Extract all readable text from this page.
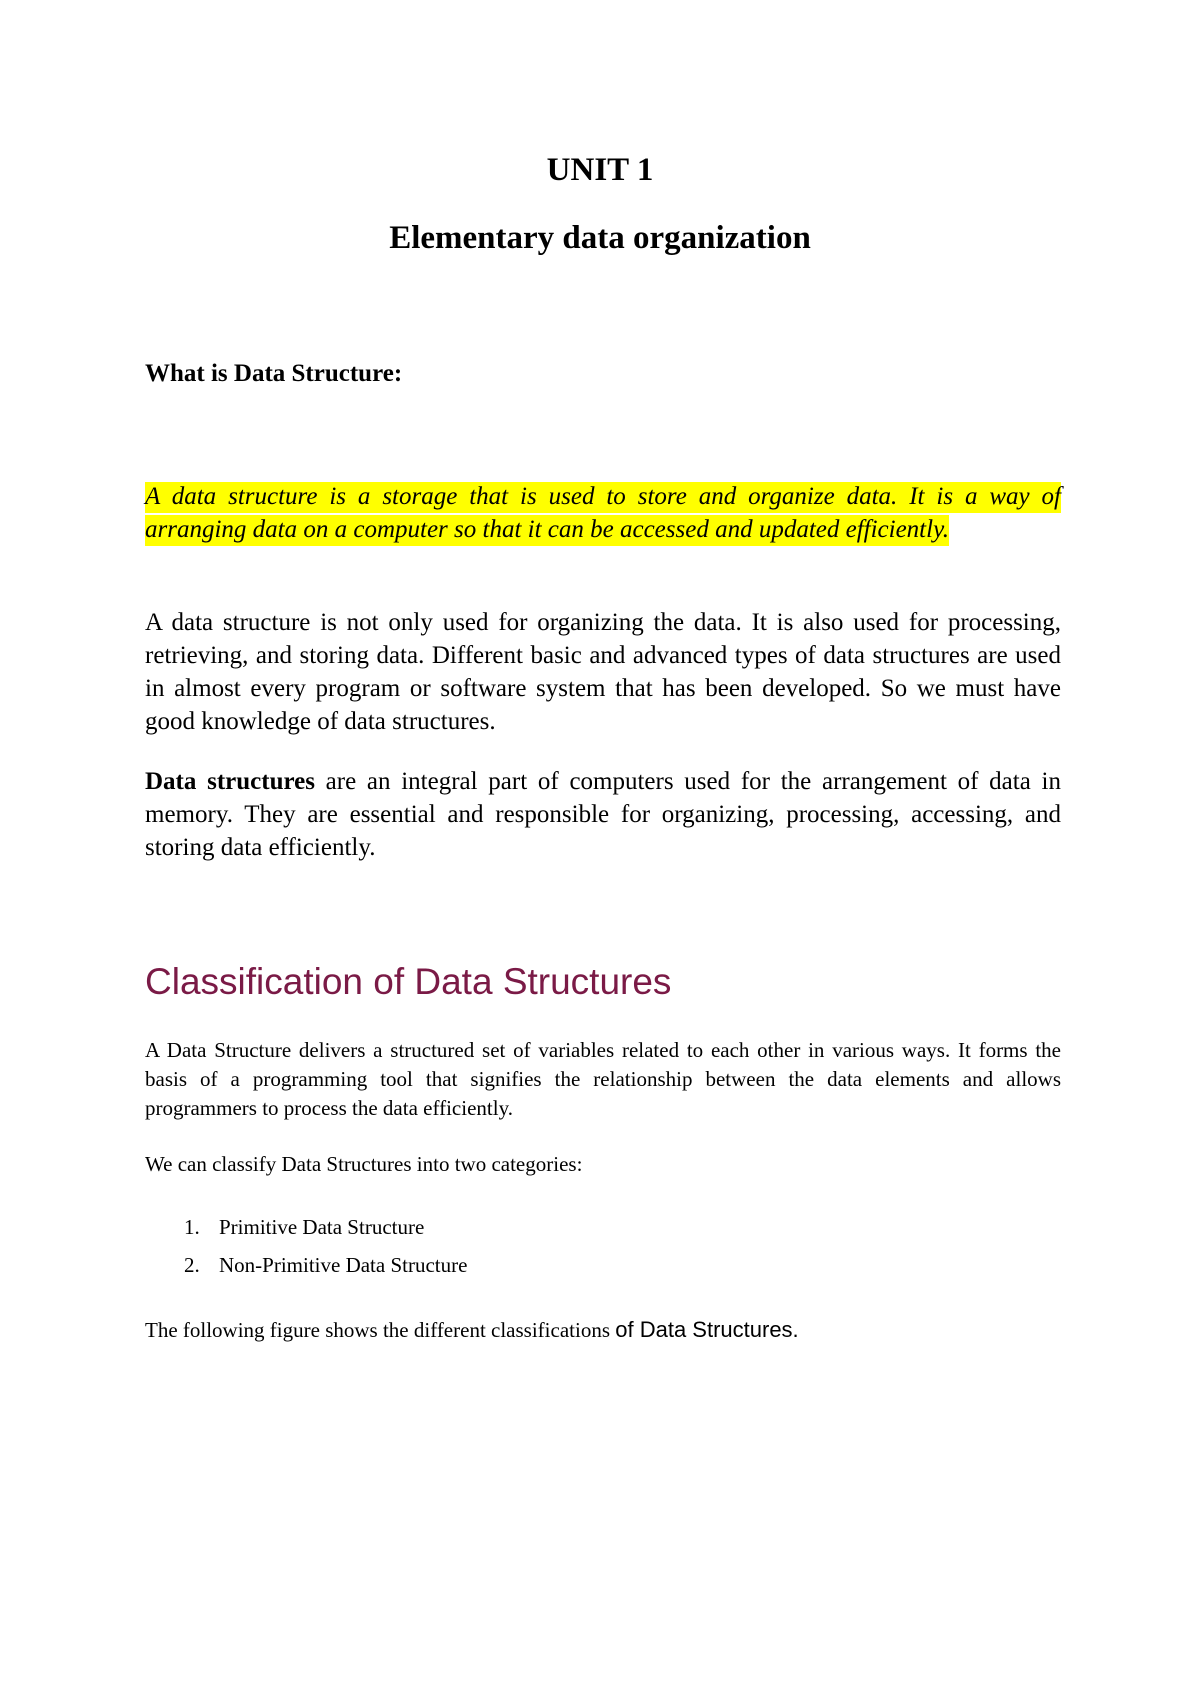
UNIT 1
Elementary data organization
What is Data Structure:

A data structure is a storage that is used to store and organize data. It is a way of arranging data on a computer so that it can be accessed and updated efficiently.

A data structure is not only used for organizing the data. It is also used for processing, retrieving, and storing data. Different basic and advanced types of data structures are used in almost every program or software system that has been developed. So we must have good knowledge of data structures.

Data structures are an integral part of computers used for the arrangement of data in memory. They are essential and responsible for organizing, processing, accessing, and storing data efficiently.

Classification of Data Structures

A Data Structure delivers a structured set of variables related to each other in various ways. It forms the basis of a programming tool that signifies the relationship between the data elements and allows programmers to process the data efficiently.

We can classify Data Structures into two categories:

1. Primitive Data Structure
2. Non-Primitive Data Structure

The following figure shows the different classifications of Data Structures.
